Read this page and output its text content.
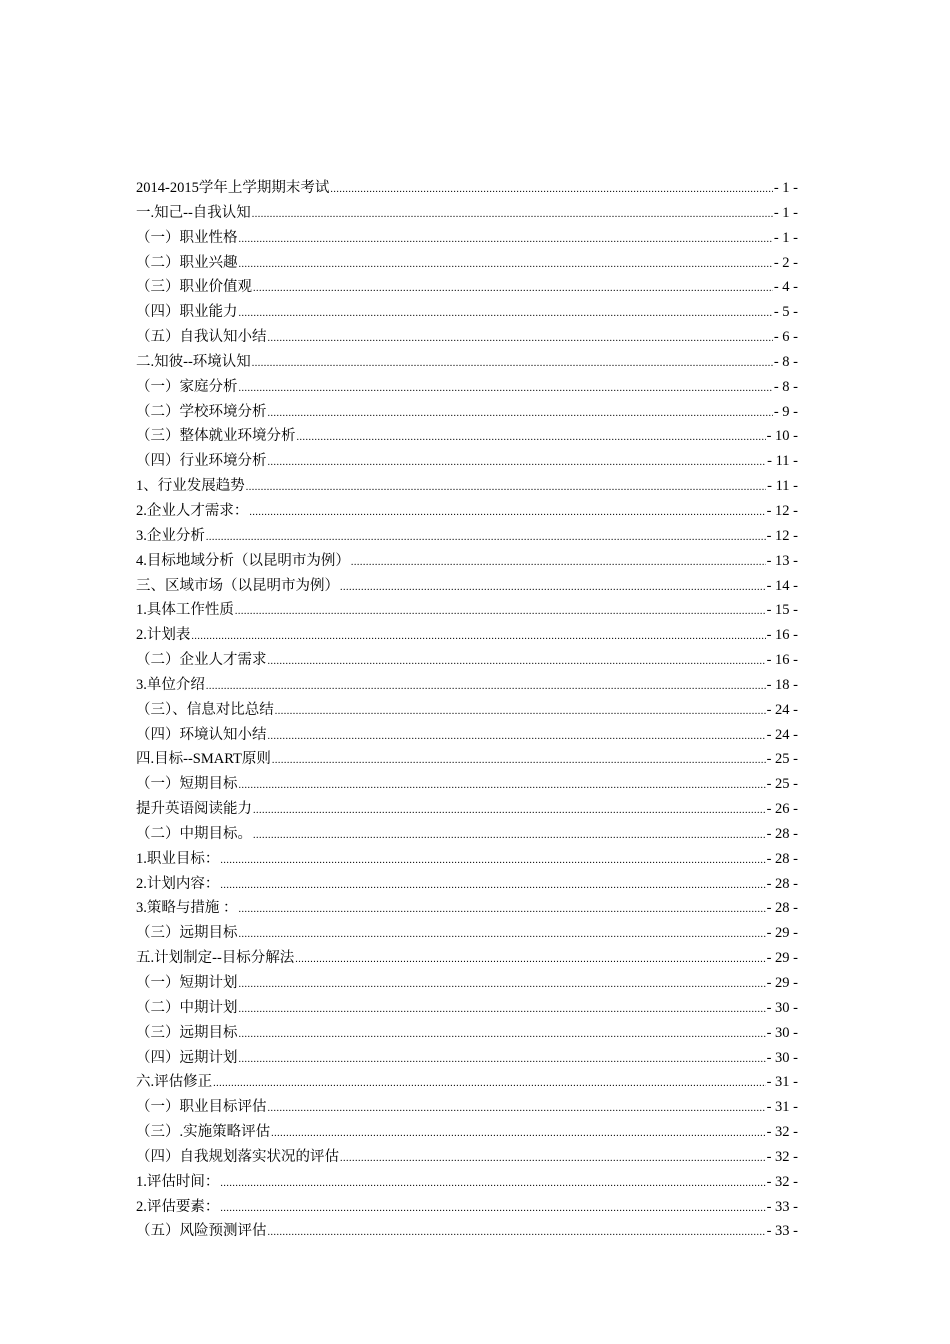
2014-2015学年上学期期末考试 .....	- 1 -
一.知己--自我认知 .....	- 1 -
（一）职业性格 .....	- 1 -
（二）职业兴趣 .....	- 2 -
（三）职业价值观 .....	- 4 -
（四）职业能力 .....	- 5 -
（五）自我认知小结 .....	- 6 -
二.知彼--环境认知 .....	- 8 -
（一）家庭分析 .....	- 8 -
（二）学校环境分析 .....	- 9 -
（三）整体就业环境分析 .....	- 10 -
（四）行业环境分析 .....	- 11 -
1、行业发展趋势 .....	- 11 -
2.企业人才需求： .....	- 12 -
3.企业分析 .....	- 12 -
4.目标地域分析（以昆明市为例） .....	- 13 -
三、区域市场（以昆明市为例） .....	- 14 -
1.具体工作性质 .....	- 15 -
2.计划表 .....	- 16 -
（二）企业人才需求 .....	- 16 -
3.单位介绍 .....	- 18 -
（三）、信息对比总结 .....	- 24 -
（四）环境认知小结 .....	- 24 -
四.目标--SMART原则 .....	- 25 -
（一）短期目标 .....	- 25 -
提升英语阅读能力 .....	- 26 -
（二）中期目标。 .....	- 28 -
1.职业目标： .....	- 28 -
2.计划内容： .....	- 28 -
3.策略与措施 ： .....	- 28 -
（三）远期目标 .....	- 29 -
五.计划制定--目标分解法 .....	- 29 -
（一）短期计划 .....	- 29 -
（二）中期计划 .....	- 30 -
（三）远期目标 .....	- 30 -
（四）远期计划 .....	- 30 -
六.评估修正 .....	- 31 -
（一）职业目标评估 .....	- 31 -
（三）.实施策略评估 .....	- 32 -
（四）自我规划落实状况的评估 .....	- 32 -
1.评估时间： .....	- 32 -
2.评估要素： .....	- 33 -
（五）风险预测评估 .....	- 33 -
